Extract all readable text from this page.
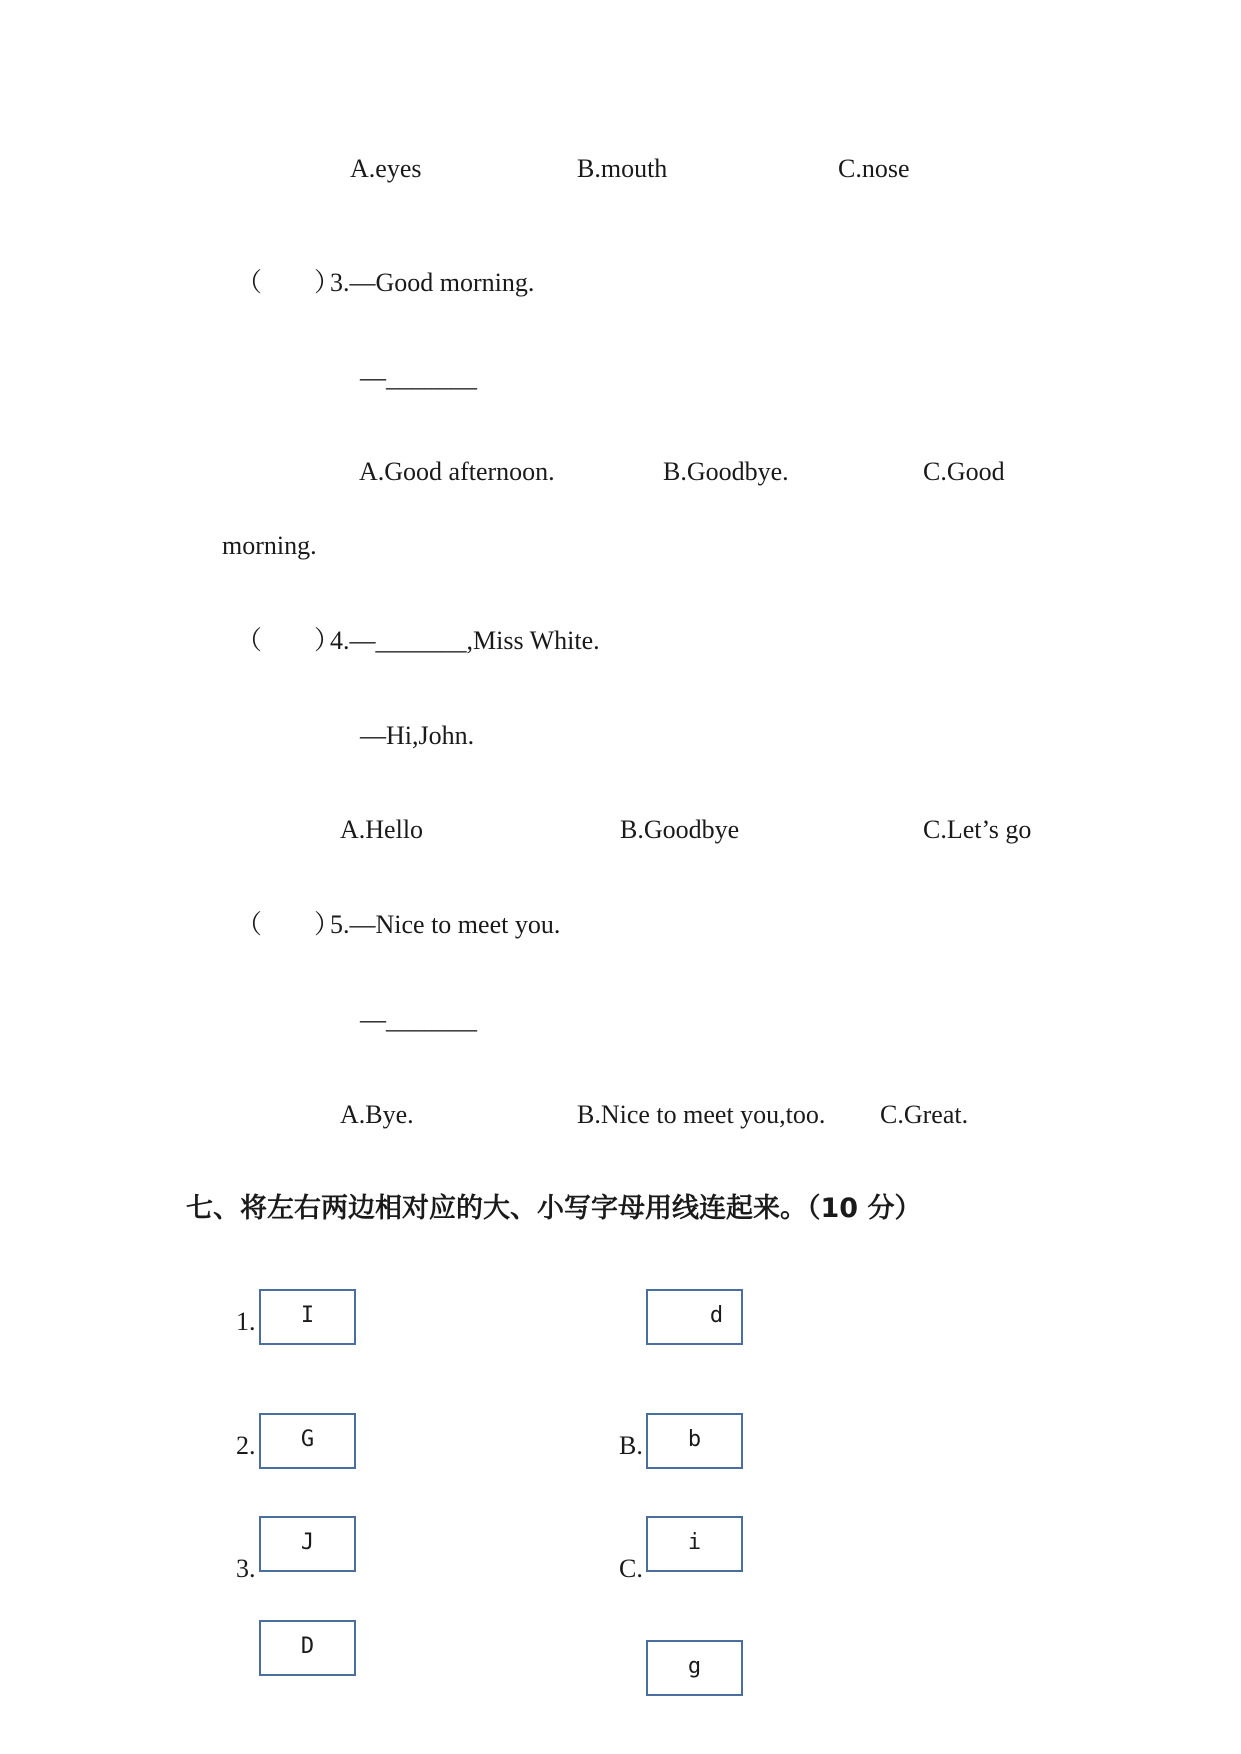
A.eyes	B.mouth	C.nose
（　　）
3.—Good morning.
—_______
A.Good afternoon.	B.Goodbye.	C.Good
morning.
（　　）
4.—_______,Miss White.
—Hi,John.
A.Hello	B.Goodbye	C.Let’s go
（　　）
5.—Nice to meet you.
—_______
A.Bye.	B.Nice to meet you,too. C.Great.
七、将左右两边相对应的大、小写字母用线连起来。（10 分）
1.
2.
3.
I
G
J
D
B.
C.
d
b
i
g
